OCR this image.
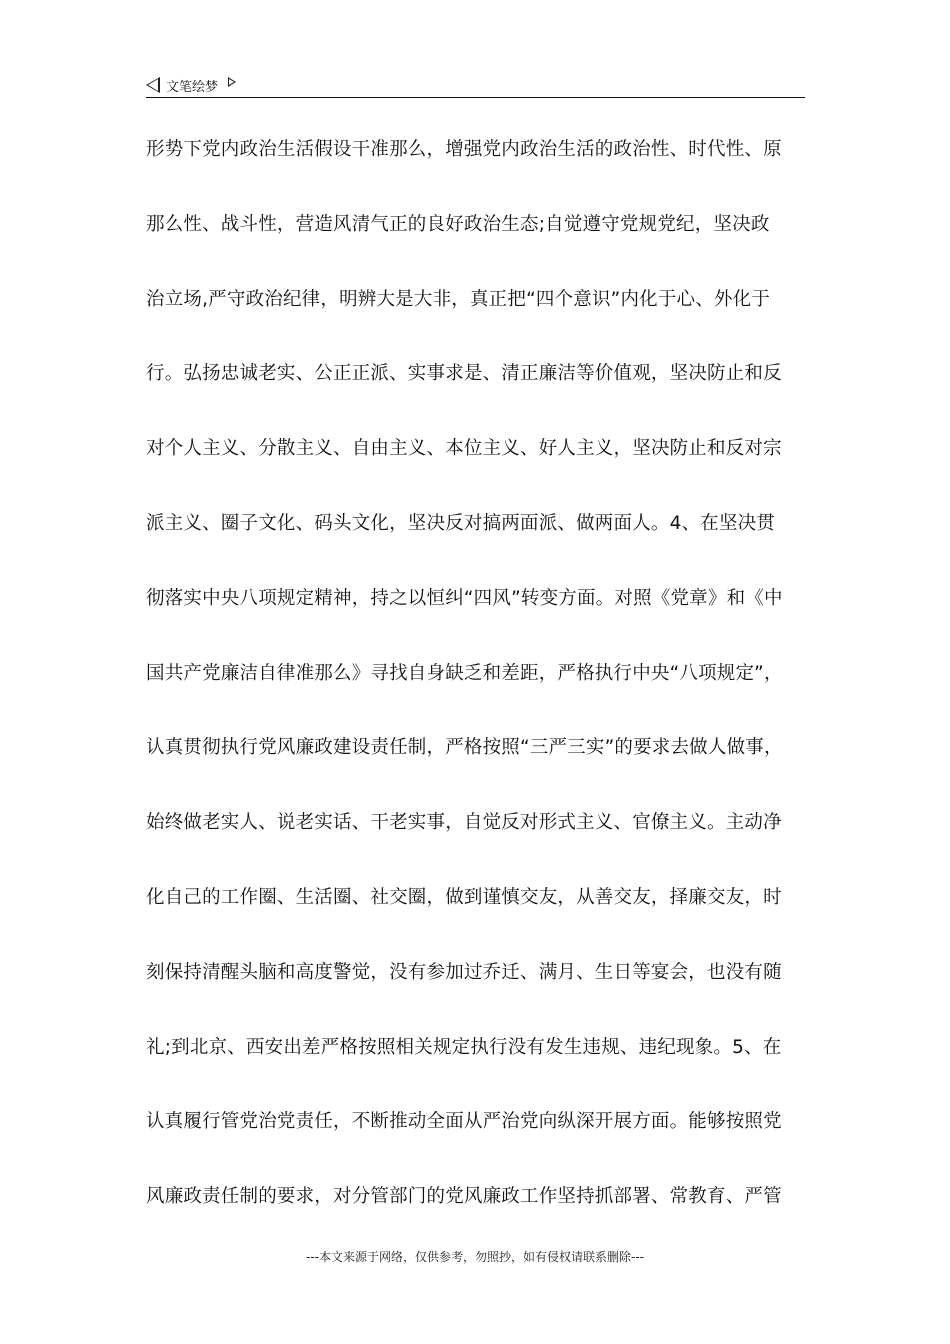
文笔绘梦
形势下党内政治生活假设干准那么，增强党内政治生活的政治性、时代性、原
那么性、战斗性，营造风清气正的良好政治生态;自觉遵守党规党纪，坚决政
治立场,严守政治纪律，明辨大是大非，真正把“四个意识”内化于心、外化于
行。弘扬忠诚老实、公正正派、实事求是、清正廉洁等价值观，坚决防止和反
对个人主义、分散主义、自由主义、本位主义、好人主义，坚决防止和反对宗
派主义、圈子文化、码头文化，坚决反对搞两面派、做两面人。4、在坚决贯
彻落实中央八项规定精神，持之以恒纠“四风”转变方面。对照《党章》和《中
国共产党廉洁自律准那么》寻找自身缺乏和差距，严格执行中央“八项规定”，
认真贯彻执行党风廉政建设责任制，严格按照“三严三实”的要求去做人做事，
始终做老实人、说老实话、干老实事，自觉反对形式主义、官僚主义。主动净
化自己的工作圈、生活圈、社交圈，做到谨慎交友，从善交友，择廉交友，时
刻保持清醒头脑和高度警觉，没有参加过乔迁、满月、生日等宴会，也没有随
礼;到北京、西安出差严格按照相关规定执行没有发生违规、违纪现象。5、在
认真履行管党治党责任，不断推动全面从严治党向纵深开展方面。能够按照党
风廉政责任制的要求，对分管部门的党风廉政工作坚持抓部署、常教育、严管
---本文来源于网络，仅供参考，勿照抄，如有侵权请联系删除---
